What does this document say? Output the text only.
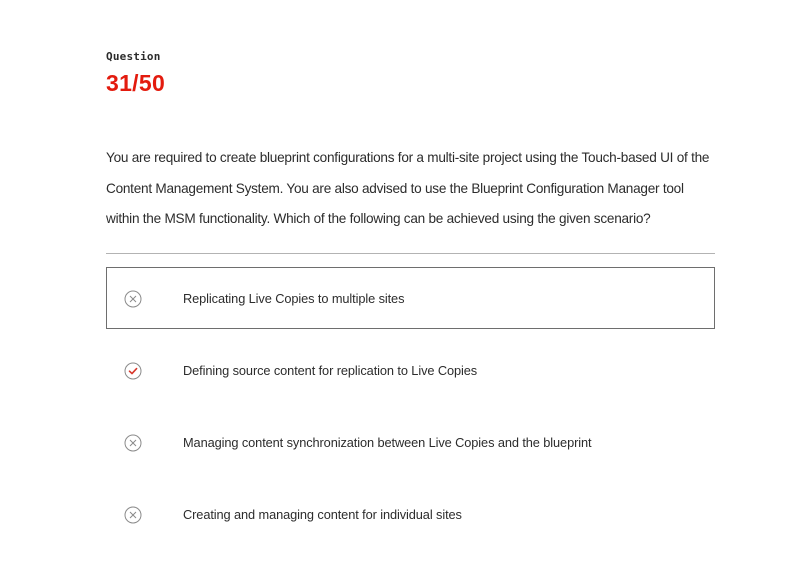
Question
31/50

You are required to create blueprint configurations for a multi-site project using the Touch-based UI of the Content Management System. You are also advised to use the Blueprint Configuration Manager tool within the MSM functionality. Which of the following can be achieved using the given scenario?

Replicating Live Copies to multiple sites
Defining source content for replication to Live Copies
Managing content synchronization between Live Copies and the blueprint
Creating and managing content for individual sites
